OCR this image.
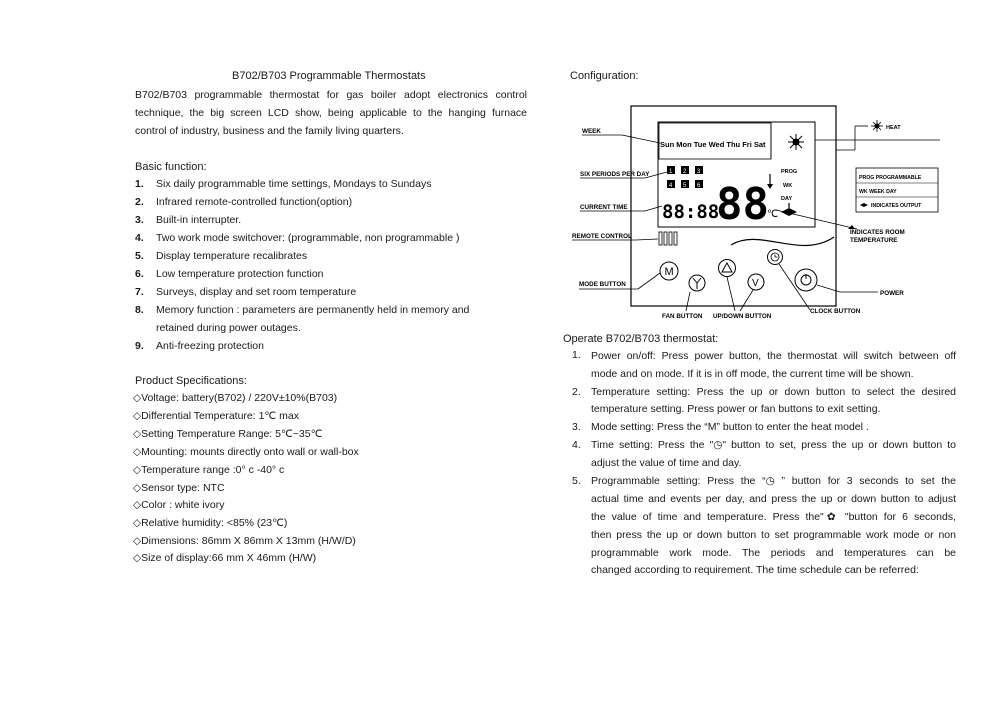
B702/B703 Programmable Thermostats
B702/B703 programmable thermostat for gas boiler adopt electronics control
technique, the big screen LCD show, being applicable to the hanging furnace
control of industry, business and the family living quarters.
Basic function:
1. Six daily programmable time settings, Mondays to Sundays
2. Infrared remote-controlled function(option)
3. Built-in interrupter.
4. Two work mode switchover: (programmable, non programmable )
5. Display temperature recalibrates
6. Low temperature protection function
7. Surveys, display and set room temperature
8. Memory function : parameters are permanently held in memory and
retained during power outages.
9. Anti-freezing protection
Product Specifications:
◇Voltage: battery(B702) / 220V±10%(B703)
◇Differential Temperature: 1℃ max
◇Setting Temperature Range: 5℃~35℃
◇Mounting: mounts directly onto wall or wall-box
◇Temperature range :0° c -40° c
◇Sensor type: NTC
◇Color : white ivory
◇Relative humidity: <85% (23℃)
◇Dimensions: 86mm X 86mm X 13mm (H/W/D)
◇Size of display:66 mm X 46mm (H/W)
Configuration:
Sun Mon Tue Wed Thu Fri Sat
1 2 3
4 5 6
88:88
88
℃
PROG
WK
DAY
M
V
WEEK
SIX PERIODS PER DAY
CURRENT TIME
REMOTE CONTROL
MODE BUTTON
FAN BUTTON UP/DOWN BUTTON
CLOCK BUTTON
HEAT
PROG PROGRAMMABLE
WK WEEK DAY
INDICATES OUTPUT
INDICATES ROOM
TEMPERATURE
POWER
Operate B702/B703 thermostat:
1. Power on/off: Press power button, the thermostat will switch between off
mode and on mode. If it is in off mode, the current time will be shown.
2. Temperature setting: Press the up or down button to select the desired
temperature setting. Press power or fan buttons to exit setting.
3. Mode setting: Press the “M” button to enter the heat model .
4. Time setting: Press the "◷" button to set, press the up or down button to
adjust the value of time and day.
5. Programmable setting: Press the “◷ ” button for 3 seconds to set the
actual time and events per day, and press the up or down button to adjust
the value of time and temperature. Press the"✿ "button for 6 seconds,
then press the up or down button to set programmable work mode or non
programmable work mode. The periods and temperatures can be
changed according to requirement. The time schedule can be referred:
